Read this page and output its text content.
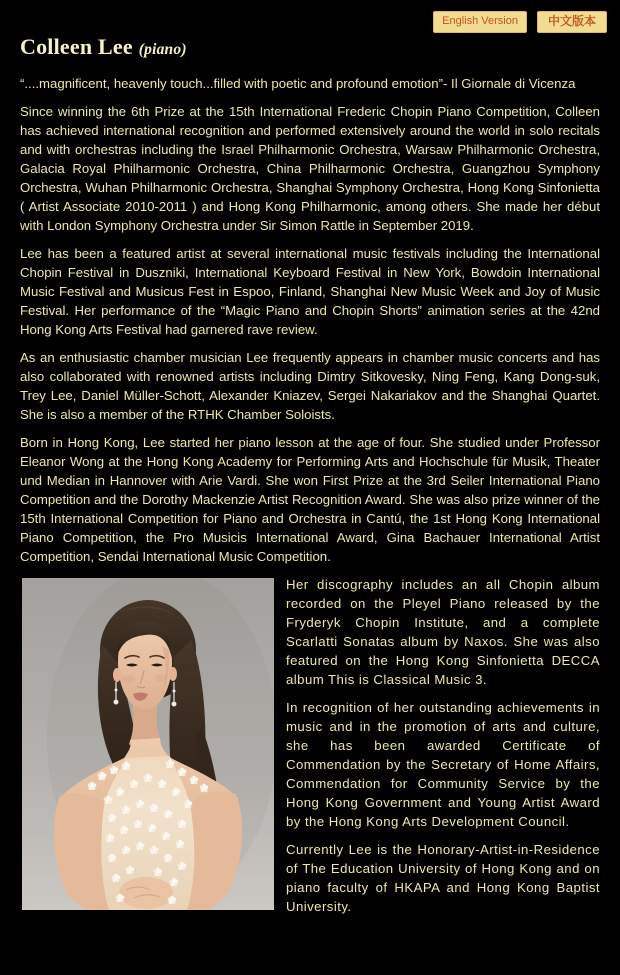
English Version	中文版本
Colleen Lee (piano)

“....magnificent, heavenly touch...filled with poetic and profound emotion”- Il Giornale di Vicenza

Since winning the 6th Prize at the 15th International Frederic Chopin Piano Competition, Colleen has achieved international recognition and performed extensively around the world in solo recitals and with orchestras including the Israel Philharmonic Orchestra, Warsaw Philharmonic Orchestra, Galacia Royal Philharmonic Orchestra, China Philharmonic Orchestra, Guangzhou Symphony Orchestra, Wuhan Philharmonic Orchestra, Shanghai Symphony Orchestra, Hong Kong Sinfonietta ( Artist Associate 2010-2011 ) and Hong Kong Philharmonic, among others. She made her début with London Symphony Orchestra under Sir Simon Rattle in September 2019.

Lee has been a featured artist at several international music festivals including the International Chopin Festival in Duszniki, International Keyboard Festival in New York, Bowdoin International Music Festival and Musicus Fest in Espoo, Finland, Shanghai New Music Week and Joy of Music Festival. Her performance of the “Magic Piano and Chopin Shorts” animation series at the 42nd Hong Kong Arts Festival had garnered rave review.

As an enthusiastic chamber musician Lee frequently appears in chamber music concerts and has also collaborated with renowned artists including Dimtry Sitkovesky, Ning Feng, Kang Dong-suk, Trey Lee, Daniel Müller-Schott, Alexander Kniazev, Sergei Nakariakov and the Shanghai Quartet. She is also a member of the RTHK Chamber Soloists.

Born in Hong Kong, Lee started her piano lesson at the age of four. She studied under Professor Eleanor Wong at the Hong Kong Academy for Performing Arts and Hochschule für Musik, Theater und Median in Hannover with Arie Vardi. She won First Prize at the 3rd Seiler International Piano Competition and the Dorothy Mackenzie Artist Recognition Award. She was also prize winner of the 15th International Competition for Piano and Orchestra in Cantú, the 1st Hong Kong International Piano Competition, the Pro Musicis International Award, Gina Bachauer International Artist Competition, Sendai International Music Competition.

Her discography includes an all Chopin album recorded on the Pleyel Piano released by the Fryderyk Chopin Institute, and a complete Scarlatti Sonatas album by Naxos. She was also featured on the Hong Kong Sinfonietta DECCA album This is Classical Music 3.

In recognition of her outstanding achievements in music and in the promotion of arts and culture, she has been awarded Certificate of Commendation by the Secretary of Home Affairs, Commendation for Community Service by the Hong Kong Government and Young Artist Award by the Hong Kong Arts Development Council.

Currently Lee is the Honorary-Artist-in-Residence of The Education University of Hong Kong and on piano faculty of HKAPA and Hong Kong Baptist University.
